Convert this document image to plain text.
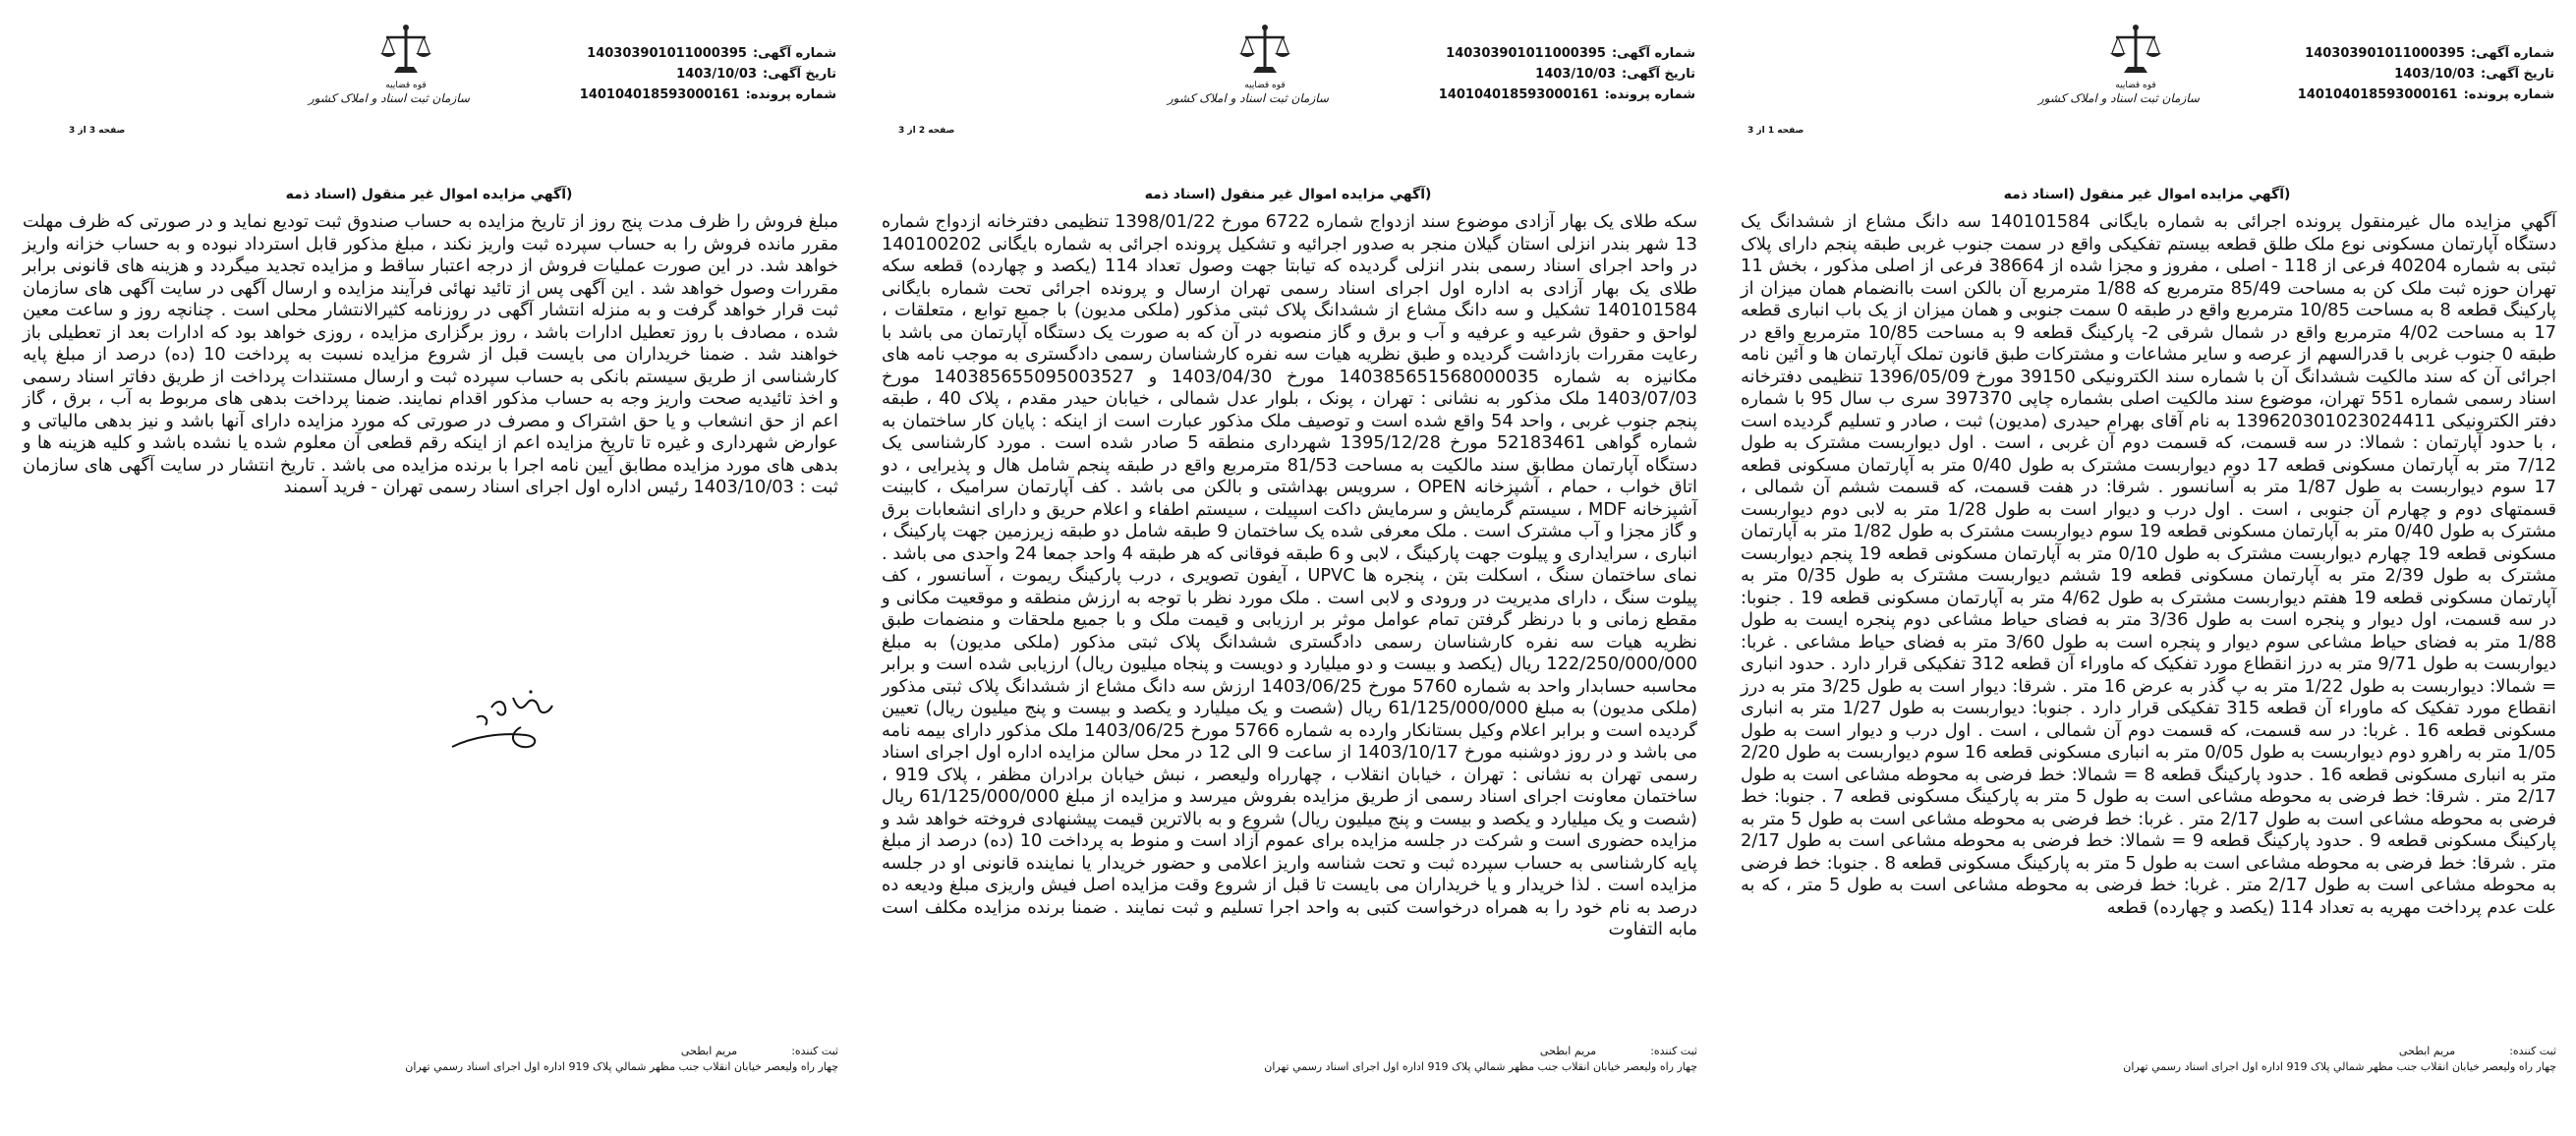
شماره آگهی:140303901011000395
تاریخ آگهی:1403/10/03
شماره پرونده:140104018593000161
قوه قضاییه
سازمان ثبت اسناد و املاک کشور
صفحه 1 از 3
(آگهي مزايده اموال غیر منقول (اسناد ذمه
آگهي مزايده مال غيرمنقول پرونده اجرائی به شماره بايگانی 140101584 سه دانگ مشاع از ششدانگ يک دستگاه آپارتمان مسکونی نوع ملک طلق قطعه بيستم تفکيکی واقع در سمت جنوب غربی طبقه پنجم دارای پلاک ثبتی به شماره 40204 فرعی از 118 - اصلی ، مفروز و مجزا شده از 38664 فرعی از اصلی مذکور ، بخش 11 تهران حوزه ثبت ملک کن به مساحت 85/49 مترمربع که 1/88 مترمربع آن بالکن است باانضمام همان ميزان از پارکينگ قطعه 8 به مساحت 10/85 مترمربع واقع در طبقه 0 سمت جنوبی و همان ميزان از يک باب انباری قطعه 17 به مساحت 4/02 مترمربع واقع در شمال شرقی 2- پارکينگ قطعه 9 به مساحت 10/85 مترمربع واقع در طبقه 0 جنوب غربی با قدرالسهم از عرصه و ساير مشاعات و مشترکات طبق قانون تملک آپارتمان ها و آئين نامه اجرائی آن که سند مالکيت ششدانگ آن با شماره سند الکترونيکی 39150 مورخ 1396/05/09 تنظيمی دفترخانه اسناد رسمی شماره 551 تهران، موضوع سند مالکيت اصلی بشماره چاپی 397370 سری ب سال 95 با شماره دفتر الکترونيکی 139620301023024411 به نام آقای بهرام حيدری (مدیون) ثبت ، صادر و تسليم گرديده است ، با حدود آپارتمان : شمالا: در سه قسمت، که قسمت دوم آن غربی ، است . اول ديواربست مشترک به طول 7/12 متر به آپارتمان مسکونی قطعه 17 دوم ديواربست مشترک به طول 0/40 متر به آپارتمان مسکونی قطعه 17 سوم ديواربست به طول 1/87 متر به آسانسور . شرقا: در هفت قسمت، که قسمت ششم آن شمالی ، قسمتهای دوم و چهارم آن جنوبی ، است . اول درب و ديوار است به طول 1/28 متر به لابی دوم ديواربست مشترک به طول 0/40 متر به آپارتمان مسکونی قطعه 19 سوم ديواربست مشترک به طول 1/82 متر به آپارتمان مسکونی قطعه 19 چهارم ديواربست مشترک به طول 0/10 متر به آپارتمان مسکونی قطعه 19 پنجم ديواربست مشترک به طول 2/39 متر به آپارتمان مسکونی قطعه 19 ششم ديواربست مشترک به طول 0/35 متر به آپارتمان مسکونی قطعه 19 هفتم ديواربست مشترک به طول 4/62 متر به آپارتمان مسکونی قطعه 19 . جنوبا: در سه قسمت، اول ديوار و پنجره است به طول 3/36 متر به فضای حياط مشاعی دوم پنجره ايست به طول 1/88 متر به فضای حياط مشاعی سوم ديوار و پنجره است به طول 3/60 متر به فضای حياط مشاعی . غربا: ديواربست به طول 9/71 متر به درز انقطاع مورد تفکيک که ماوراء آن قطعه 312 تفکيکی قرار دارد . حدود انباری = شمالا: ديواربست به طول 1/22 متر به پ گذر به عرض 16 متر . شرقا: ديوار است به طول 3/25 متر به درز انقطاع مورد تفکيک که ماوراء آن قطعه 315 تفکيکی قرار دارد . جنوبا: ديواربست به طول 1/27 متر به انباری مسکونی قطعه 16 . غربا: در سه قسمت، که قسمت دوم آن شمالی ، است . اول درب و ديوار است به طول 1/05 متر به راهرو دوم ديواربست به طول 0/05 متر به انباری مسکونی قطعه 16 سوم ديواربست به طول 2/20 متر به انباری مسکونی قطعه 16 . حدود پارکينگ قطعه 8 = شمالا: خط فرضی به محوطه مشاعی است به طول 2/17 متر . شرقا: خط فرضی به محوطه مشاعی است به طول 5 متر به پارکينگ مسکونی قطعه 7 . جنوبا: خط فرضی به محوطه مشاعی است به طول 2/17 متر . غربا: خط فرضی به محوطه مشاعی است به طول 5 متر به پارکينگ مسکونی قطعه 9 . حدود پارکينگ قطعه 9 = شمالا: خط فرضی به محوطه مشاعی است به طول 2/17 متر . شرقا: خط فرضی به محوطه مشاعی است به طول 5 متر به پارکينگ مسکونی قطعه 8 . جنوبا: خط فرضی به محوطه مشاعی است به طول 2/17 متر . غربا: خط فرضی به محوطه مشاعی است به طول 5 متر ، که به علت عدم پرداخت مهريه به تعداد 114 (يکصد و چهارده) قطعه
ثبت کننده:مریم ابطحی
چهار راه ولیعصر خیابان انقلاب جنب مظهر شمالي پلاک 919 اداره اول اجرای اسناد رسمي تهران
شماره آگهی:140303901011000395
تاریخ آگهی:1403/10/03
شماره پرونده:140104018593000161
قوه قضاییه
سازمان ثبت اسناد و املاک کشور
صفحه 2 از 3
(آگهي مزايده اموال غیر منقول (اسناد ذمه
سکه طلای يک بهار آزادی موضوع سند ازدواج شماره 6722 مورخ 1398/01/22 تنظيمی دفترخانه ازدواج شماره 13 شهر بندر انزلی استان گيلان منجر به صدور اجرائيه و تشکيل پرونده اجرائی به شماره بايگانی 140100202 در واحد اجرای اسناد رسمی بندر انزلی گرديده که تيابتا جهت وصول تعداد 114 (يکصد و چهارده) قطعه سکه طلای يک بهار آزادی به اداره اول اجرای اسناد رسمی تهران ارسال و پرونده اجرائی تحت شماره بايگانی 140101584 تشکيل و سه دانگ مشاع از ششدانگ پلاک ثبتی مذکور (ملکی مديون) با جميع توابع ، متعلقات ، لواحق و حقوق شرعيه و عرفيه و آب و برق و گاز منصوبه در آن که به صورت يک دستگاه آپارتمان می باشد با رعايت مقررات بازداشت گرديده و طبق نظريه هيات سه نفره کارشناسان رسمی دادگستری به موجب نامه های مکانيزه به شماره 140385651568000035 مورخ 1403/04/30 و 140385655095003527 مورخ 1403/07/03 ملک مذکور به نشانی : تهران ، پونک ، بلوار عدل شمالی ، خيابان حيدر مقدم ، پلاک 40 ، طبقه پنجم جنوب غربی ، واحد 54 واقع شده است و توصيف ملک مذکور عبارت است از اينکه : پايان کار ساختمان به شماره گواهی 52183461 مورخ 1395/12/28 شهرداری منطقه 5 صادر شده است . مورد کارشناسی يک دستگاه آپارتمان مطابق سند مالکيت به مساحت 81/53 مترمربع واقع در طبقه پنجم شامل هال و پذيرايی ، دو اتاق خواب ، حمام ، آشپزخانه OPEN ، سرويس بهداشتی و بالکن می باشد . کف آپارتمان سراميک ، کابينت آشپزخانه MDF ، سيستم گرمايش و سرمايش داکت اسپيلت ، سيستم اطفاء و اعلام حريق و دارای انشعابات برق و گاز مجزا و آب مشترک است . ملک معرفی شده يک ساختمان 9 طبقه شامل دو طبقه زيرزمين جهت پارکينگ ، انباری ، سرايداری و پيلوت جهت پارکينگ ، لابی و 6 طبقه فوقانی که هر طبقه 4 واحد جمعا 24 واحدی می باشد . نمای ساختمان سنگ ، اسکلت بتن ، پنجره ها UPVC ، آيفون تصويری ، درب پارکينگ ريموت ، آسانسور ، کف پيلوت سنگ ، دارای مديريت در ورودی و لابی است . ملک مورد نظر با توجه به ارزش منطقه و موقعيت مکانی و مقطع زمانی و با درنظر گرفتن تمام عوامل موثر بر ارزيابی و قيمت ملک و با جميع ملحقات و منضمات طبق نظريه هيات سه نفره کارشناسان رسمی دادگستری ششدانگ پلاک ثبتی مذکور (ملکی مديون) به مبلغ 122/250/000/000 ريال (يکصد و بيست و دو ميليارد و دويست و پنجاه ميليون ريال) ارزيابی شده است و برابر محاسبه حسابدار واحد به شماره 5760 مورخ 1403/06/25 ارزش سه دانگ مشاع از ششدانگ پلاک ثبتی مذکور (ملکی مديون) به مبلغ 61/125/000/000 ريال (شصت و يک ميليارد و يکصد و بيست و پنج ميليون ريال) تعيين گرديده است و برابر اعلام وکيل بستانکار وارده به شماره 5766 مورخ 1403/06/25 ملک مذکور دارای بيمه نامه می باشد و در روز دوشنبه مورخ 1403/10/17 از ساعت 9 الی 12 در محل سالن مزايده اداره اول اجرای اسناد رسمی تهران به نشانی : تهران ، خيابان انقلاب ، چهارراه وليعصر ، نبش خيابان برادران مظفر ، پلاک 919 ، ساختمان معاونت اجرای اسناد رسمی از طريق مزايده بفروش ميرسد و مزايده از مبلغ 61/125/000/000 ريال (شصت و يک ميليارد و يکصد و بيست و پنج ميليون ريال) شروع و به بالاترين قيمت پيشنهادی فروخته خواهد شد و مزايده حضوری است و شرکت در جلسه مزايده برای عموم آزاد است و منوط به پرداخت 10 (ده) درصد از مبلغ پايه کارشناسی به حساب سپرده ثبت و تحت شناسه واريز اعلامی و حضور خريدار يا نماينده قانونی او در جلسه مزايده است . لذا خريدار و يا خريداران می بايست تا قبل از شروع وقت مزايده اصل فيش واريزی مبلغ وديعه ده درصد به نام خود را به همراه درخواست کتبی به واحد اجرا تسليم و ثبت نمايند . ضمنا برنده مزايده مکلف است مابه التفاوت
ثبت کننده:مریم ابطحی
چهار راه ولیعصر خیابان انقلاب جنب مظهر شمالي پلاک 919 اداره اول اجرای اسناد رسمي تهران
شماره آگهی:140303901011000395
تاریخ آگهی:1403/10/03
شماره پرونده:140104018593000161
قوه قضاییه
سازمان ثبت اسناد و املاک کشور
صفحه 3 از 3
(آگهي مزايده اموال غیر منقول (اسناد ذمه
مبلغ فروش را ظرف مدت پنج روز از تاريخ مزايده به حساب صندوق ثبت توديع نمايد و در صورتی که ظرف مهلت مقرر مانده فروش را به حساب سپرده ثبت واريز نکند ، مبلغ مذکور قابل استرداد نبوده و به حساب خزانه واريز خواهد شد. در اين صورت عمليات فروش از درجه اعتبار ساقط و مزايده تجديد ميگردد و هزينه های قانونی برابر مقررات وصول خواهد شد . اين آگهی پس از تائيد نهائی فرآيند مزايده و ارسال آگهی در سايت آگهی های سازمان ثبت قرار خواهد گرفت و به منزله انتشار آگهی در روزنامه کثيرالانتشار محلی است . چنانچه روز و ساعت معين شده ، مصادف با روز تعطيل ادارات باشد ، روز برگزاری مزايده ، روزی خواهد بود که ادارات بعد از تعطيلی باز خواهند شد . ضمنا خريداران می بايست قبل از شروع مزايده نسبت به پرداخت 10 (ده) درصد از مبلغ پايه کارشناسی از طريق سيستم بانکی به حساب سپرده ثبت و ارسال مستندات پرداخت از طريق دفاتر اسناد رسمی و اخذ تائيديه صحت واريز وجه به حساب مذکور اقدام نمايند. ضمنا پرداخت بدهی های مربوط به آب ، برق ، گاز اعم از حق انشعاب و يا حق اشتراک و مصرف در صورتی که مورد مزايده دارای آنها باشد و نيز بدهی مالياتی و عوارض شهرداری و غيره تا تاريخ مزايده اعم از اينکه رقم قطعی آن معلوم شده يا نشده باشد و کليه هزينه ها و بدهی های مورد مزايده مطابق آيين نامه اجرا با برنده مزايده می باشد . تاريخ انتشار در سايت آگهی های سازمان ثبت : 1403/10/03 رئيس اداره اول اجرای اسناد رسمی تهران - فريد آسمند
ثبت کننده:مریم ابطحی
چهار راه ولیعصر خیابان انقلاب جنب مظهر شمالي پلاک 919 اداره اول اجرای اسناد رسمي تهران
